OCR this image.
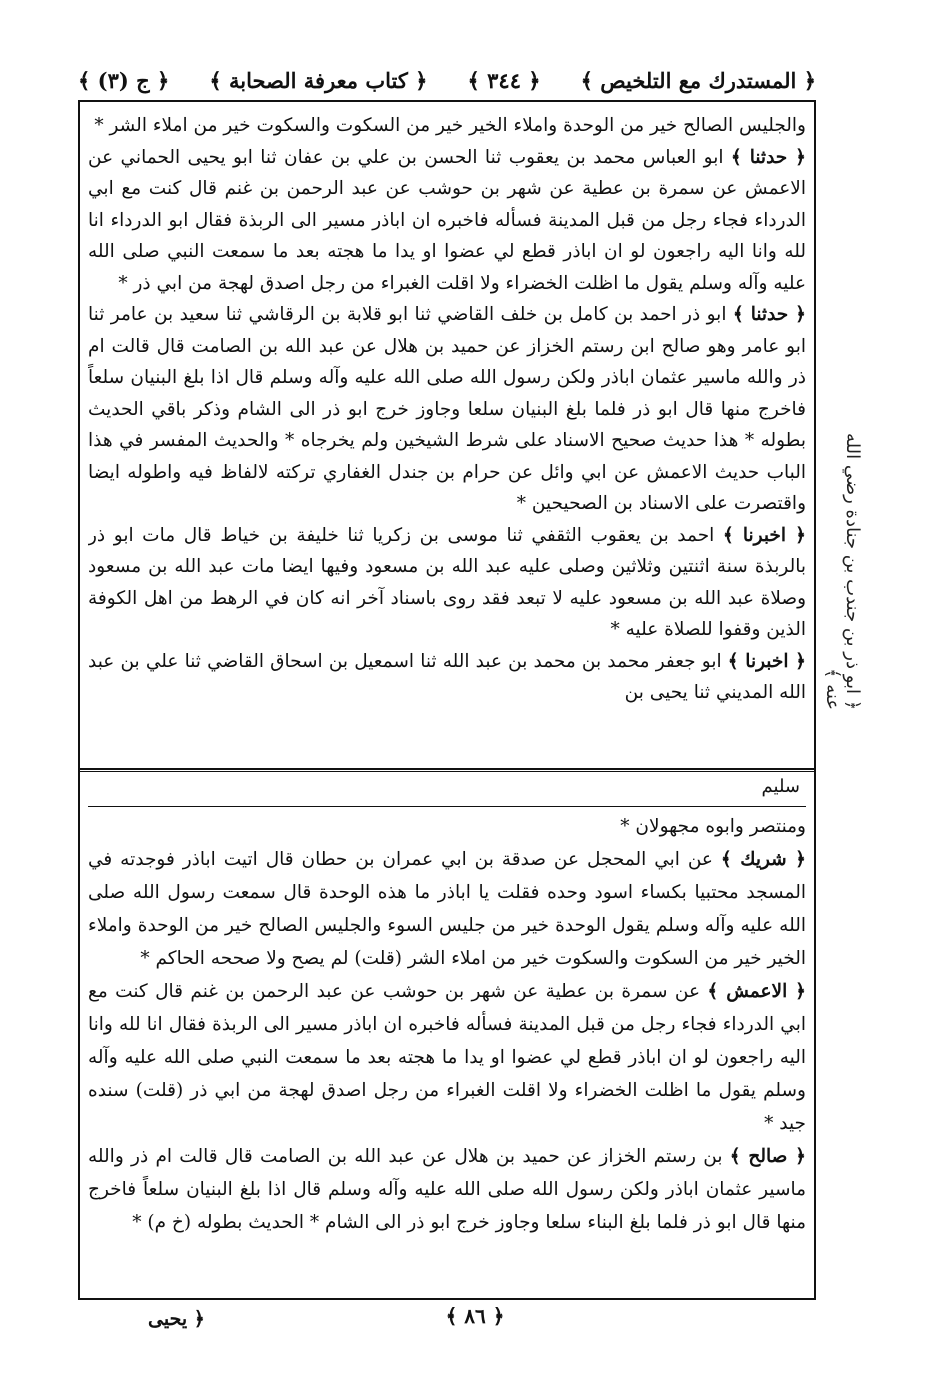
﴿ المستدرك مع التلخيص ﴾
﴿ ٣٤٤ ﴾
﴿ كتاب معرفة الصحابة ﴾
﴿ ج (٣) ﴾

والجليس الصالح خير من الوحدة واملاء الخير خير من السكوت والسكوت خير من املاء الشر *

﴿ حدثنا ﴾ ابو العباس محمد بن يعقوب ثنا الحسن بن علي بن عفان ثنا ابو يحيى الحماني عن الاعمش عن سمرة بن عطية عن شهر بن حوشب عن عبد الرحمن بن غنم قال كنت مع ابي الدرداء فجاء رجل من قبل المدينة فسأله فاخبره ان اباذر مسير الى الربذة فقال ابو الدرداء انا لله وانا اليه راجعون لو ان اباذر قطع لي عضوا او يدا ما هجته بعد ما سمعت النبي صلى الله عليه وآله وسلم يقول ما اظلت الخضراء ولا اقلت الغبراء من رجل اصدق لهجة من ابي ذر *

﴿ حدثنا ﴾ ابو ذر احمد بن كامل بن خلف القاضي ثنا ابو قلابة بن الرقاشي ثنا سعيد بن عامر ثنا ابو عامر وهو صالح ابن رستم الخزاز عن حميد بن هلال عن عبد الله بن الصامت قال قالت ام ذر والله ماسير عثمان اباذر ولكن رسول الله صلى الله عليه وآله وسلم قال اذا بلغ البنيان سلعاً فاخرج منها قال ابو ذر فلما بلغ البنيان سلعا وجاوز خرج ابو ذر الى الشام وذكر باقي الحديث بطوله * هذا حديث صحيح الاسناد على شرط الشيخين ولم يخرجاه * والحديث المفسر في هذا الباب حديث الاعمش عن ابي وائل عن حرام بن جندل الغفاري تركته لالفاظ فيه واطوله ايضا واقتصرت على الاسناد بن الصحيحين *

﴿ اخبرنا ﴾ احمد بن يعقوب الثقفي ثنا موسى بن زكريا ثنا خليفة بن خياط قال مات ابو ذر بالربذة سنة اثنتين وثلاثين وصلى عليه عبد الله بن مسعود وفيها ايضا مات عبد الله بن مسعود وصلاة عبد الله بن مسعود عليه لا تبعد فقد روى باسناد آخر انه كان في الرهط من اهل الكوفة الذين وقفوا للصلاة عليه *

﴿ اخبرنا ﴾ ابو جعفر محمد بن محمد بن عبد الله ثنا اسمعيل بن اسحاق القاضي ثنا علي بن عبد الله المديني ثنا يحيى بن	﴿ ابو ذر بن جندب بن جنادة رضي الله عنه ﴾
سليم

ومنتصر وابوه مجهولان *

﴿ شريك ﴾ عن ابي المحجل عن صدقة بن ابي عمران بن حطان قال اتيت اباذر فوجدته في المسجد محتبيا بكساء اسود وحده فقلت يا اباذر ما هذه الوحدة قال سمعت رسول الله صلى الله عليه وآله وسلم يقول الوحدة خير من جليس السوء والجليس الصالح خير من الوحدة واملاء الخير خير من السكوت والسكوت خير من املاء الشر (قلت) لم يصح ولا صححه الحاكم *

﴿ الاعمش ﴾ عن سمرة بن عطية عن شهر بن حوشب عن عبد الرحمن بن غنم قال كنت مع ابي الدرداء فجاء رجل من قبل المدينة فسأله فاخبره ان اباذر مسير الى الربذة فقال انا لله وانا اليه راجعون لو ان اباذر قطع لي عضوا او يدا ما هجته بعد ما سمعت النبي صلى الله عليه وآله وسلم يقول ما اظلت الخضراء ولا اقلت الغبراء من رجل اصدق لهجة من ابي ذر (قلت) سنده جيد *

﴿ صالح ﴾ بن رستم الخزاز عن حميد بن هلال عن عبد الله بن الصامت قال قالت ام ذر والله ماسير عثمان اباذر ولكن رسول الله صلى الله عليه وآله وسلم قال اذا بلغ البنيان سلعاً فاخرج منها قال ابو ذر فلما بلغ البناء سلعا وجاوز خرج ابو ذر الى الشام * الحديث بطوله (خ م) *

﴿ ٨٦ ﴾
﴿ يحيى
